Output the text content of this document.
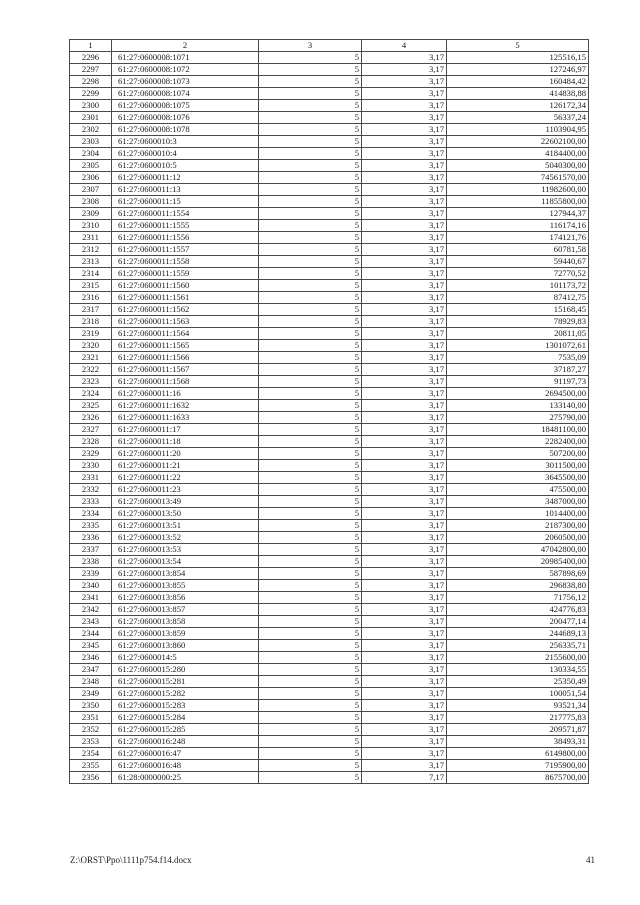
1	2	3	4	5
2296	61:27:0600008:1071	5	3,17	125516,15
2297	61:27:0600008:1072	5	3,17	127246,97
2298	61:27:0600008:1073	5	3,17	160484,42
2299	61:27:0600008:1074	5	3,17	414838,88
2300	61:27:0600008:1075	5	3,17	126172,34
2301	61:27:0600008:1076	5	3,17	56337,24
2302	61:27:0600008:1078	5	3,17	1103904,95
2303	61:27:0600010:3	5	3,17	22602100,00
2304	61:27:0600010:4	5	3,17	4184400,00
2305	61:27:0600010:5	5	3,17	5040300,00
2306	61:27:0600011:12	5	3,17	74561570,00
2307	61:27:0600011:13	5	3,17	11982600,00
2308	61:27:0600011:15	5	3,17	11855800,00
2309	61:27:0600011:1554	5	3,17	127944,37
2310	61:27:0600011:1555	5	3,17	116174,16
2311	61:27:0600011:1556	5	3,17	174121,76
2312	61:27:0600011:1557	5	3,17	60781,58
2313	61:27:0600011:1558	5	3,17	59440,67
2314	61:27:0600011:1559	5	3,17	72770,52
2315	61:27:0600011:1560	5	3,17	101173,72
2316	61:27:0600011:1561	5	3,17	87412,75
2317	61:27:0600011:1562	5	3,17	15168,45
2318	61:27:0600011:1563	5	3,17	78929,83
2319	61:27:0600011:1564	5	3,17	20811,05
2320	61:27:0600011:1565	5	3,17	1301072,61
2321	61:27:0600011:1566	5	3,17	7535,09
2322	61:27:0600011:1567	5	3,17	37187,27
2323	61:27:0600011:1568	5	3,17	91197,73
2324	61:27:0600011:16	5	3,17	2694500,00
2325	61:27:0600011:1632	5	3,17	133140,00
2326	61:27:0600011:1633	5	3,17	275790,00
2327	61:27:0600011:17	5	3,17	18481100,00
2328	61:27:0600011:18	5	3,17	2282400,00
2329	61:27:0600011:20	5	3,17	507200,00
2330	61:27:0600011:21	5	3,17	3011500,00
2331	61:27:0600011:22	5	3,17	3645500,00
2332	61:27:0600011:23	5	3,17	475500,00
2333	61:27:0600013:49	5	3,17	3487000,00
2334	61:27:0600013:50	5	3,17	1014400,00
2335	61:27:0600013:51	5	3,17	2187300,00
2336	61:27:0600013:52	5	3,17	2060500,00
2337	61:27:0600013:53	5	3,17	47042800,00
2338	61:27:0600013:54	5	3,17	20985400,00
2339	61:27:0600013:854	5	3,17	587898,69
2340	61:27:0600013:855	5	3,17	296838,80
2341	61:27:0600013:856	5	3,17	71756,12
2342	61:27:0600013:857	5	3,17	424776,83
2343	61:27:0600013:858	5	3,17	200477,14
2344	61:27:0600013:859	5	3,17	244689,13
2345	61:27:0600013:860	5	3,17	256335,71
2346	61:27:0600014:5	5	3,17	2155600,00
2347	61:27:0600015:280	5	3,17	130334,55
2348	61:27:0600015:281	5	3,17	25350,49
2349	61:27:0600015:282	5	3,17	100051,54
2350	61:27:0600015:283	5	3,17	93521,34
2351	61:27:0600015:284	5	3,17	217775,83
2352	61:27:0600015:285	5	3,17	209571,87
2353	61:27:0600016:248	5	3,17	38493,31
2354	61:27:0600016:47	5	3,17	6149800,00
2355	61:27:0600016:48	5	3,17	7195900,00
2356	61:28:0000000:25	5	7,17	8675700,00
Z:\ORST\Ppo\1111p754.f14.docx	41
